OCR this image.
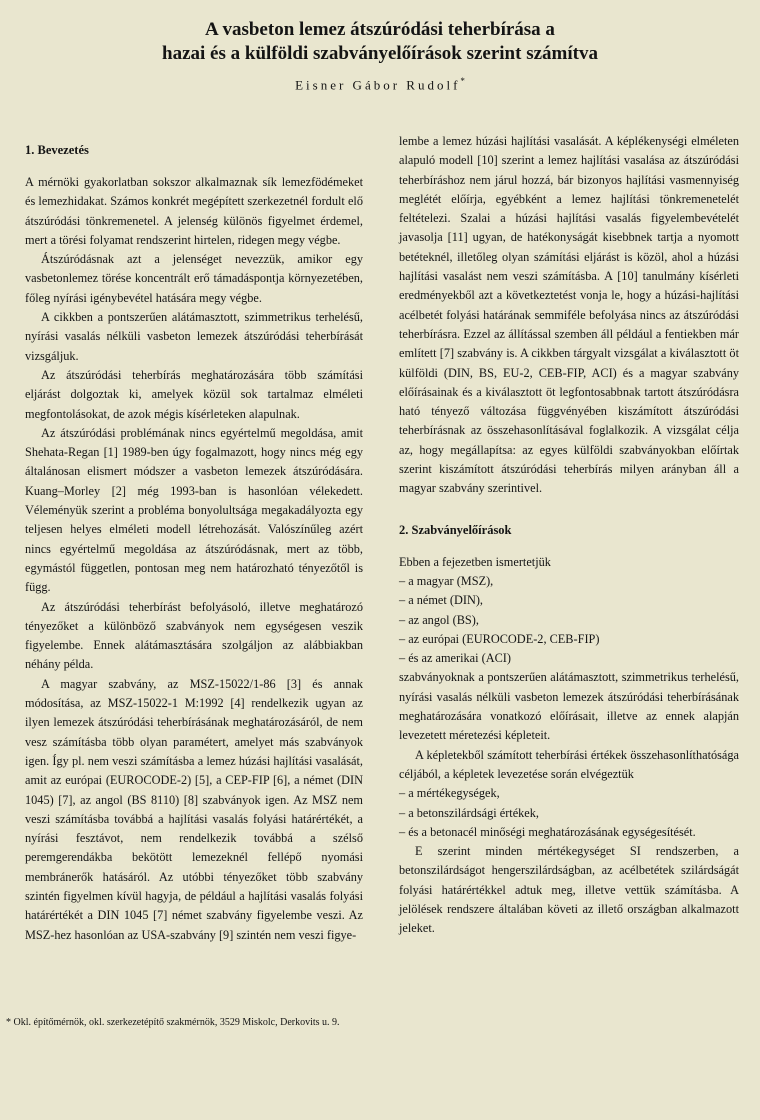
A vasbeton lemez átszúródási teherbírása a
hazai és a külföldi szabványelőírások szerint számítva
Eisner Gábor Rudolf*
1. Bevezetés

A mérnöki gyakorlatban sokszor alkalmaznak sík lemezfödémeket és lemezhidakat. Számos konkrét megépített szerkezetnél fordult elő átszúródási tönkremenetel. A jelenség különös figyelmet érdemel, mert a törési folyamat rendszerint hirtelen, ridegen megy végbe.

Átszúródásnak azt a jelenséget nevezzük, amikor egy vasbetonlemez törése koncentrált erő támadáspontja környezetében, főleg nyírási igénybevétel hatására megy végbe.

A cikkben a pontszerűen alátámasztott, szimmetrikus terhelésű, nyírási vasalás nélküli vasbeton lemezek átszúródási teherbírását vizsgáljuk.

Az átszúródási teherbírás meghatározására több számítási eljárást dolgoztak ki, amelyek közül sok tartalmaz elméleti megfontolásokat, de azok mégis kísérleteken alapulnak.

Az átszúródási problémának nincs egyértelmű megoldása, amit Shehata-Regan [1] 1989-ben úgy fogalmazott, hogy nincs még egy általánosan elismert módszer a vasbeton lemezek átszúródására. Kuang–Morley [2] még 1993-ban is hasonlóan vélekedett. Véleményük szerint a probléma bonyolultsága megakadályozta egy teljesen helyes elméleti modell létrehozását. Valószínűleg azért nincs egyértelmű megoldása az átszúródásnak, mert az több, egymástól független, pontosan meg nem határozható tényezőtől is függ.

Az átszúródási teherbírást befolyásoló, illetve meghatározó tényezőket a különböző szabványok nem egységesen veszik figyelembe. Ennek alátámasztására szolgáljon az alábbiakban néhány példa.

A magyar szabvány, az MSZ-15022/1-86 [3] és annak módosítása, az MSZ-15022-1 M:1992 [4] rendelkezik ugyan az ilyen lemezek átszúródási teherbírásának meghatározásáról, de nem vesz számításba több olyan paramétert, amelyet más szabványok igen. Így pl. nem veszi számításba a lemez húzási hajlítási vasalását, amit az európai (EUROCODE-2) [5], a CEP-FIP [6], a német (DIN 1045) [7], az angol (BS 8110) [8] szabványok igen. Az MSZ nem veszi számításba továbbá a hajlítási vasalás folyási határértékét, a nyírási fesztávot, nem rendelkezik továbbá a szélső peremgerendákba bekötött lemezeknél fellépő nyomási membránerők hatásáról. Az utóbbi tényezőket több szabvány szintén figyelmen kívül hagyja, de például a hajlítási vasalás folyási határértékét a DIN 1045 [7] német szabvány figyelembe veszi. Az MSZ-hez hasonlóan az USA-szabvány [9] szintén nem veszi figye-

lembe a lemez húzási hajlítási vasalását. A képlékenységi elméleten alapuló modell [10] szerint a lemez hajlítási vasalása az átszúródási teherbíráshoz nem járul hozzá, bár bizonyos hajlítási vasmennyiség meglétét előírja, egyébként a lemez hajlítási tönkremenetelét feltételezi. Szalai a húzási hajlítási vasalás figyelembevételét javasolja [11] ugyan, de hatékonyságát kisebbnek tartja a nyomott betéteknél, illetőleg olyan számítási eljárást is közöl, ahol a húzási hajlítási vasalást nem veszi számításba. A [10] tanulmány kísérleti eredményekből azt a következtetést vonja le, hogy a húzási-hajlítási acélbetét folyási határának semmiféle befolyása nincs az átszúródási teherbírásra. Ezzel az állítással szemben áll például a fentiekben már említett [7] szabvány is. A cikkben tárgyalt vizsgálat a kiválasztott öt külföldi (DIN, BS, EU-2, CEB-FIP, ACI) és a magyar szabvány előírásainak és a kiválasztott öt legfontosabbnak tartott átszúródásra ható tényező változása függvényében kiszámított átszúródási teherbírásnak az összehasonlításával foglalkozik. A vizsgálat célja az, hogy megállapítsa: az egyes külföldi szabványokban előírtak szerint kiszámított átszúródási teherbírás milyen arányban áll a magyar szabvány szerintivel.

2. Szabványelőírások

Ebben a fejezetben ismertetjük

– a magyar (MSZ),
– a német (DIN),
– az angol (BS),
– az európai (EUROCODE-2, CEB-FIP)
– és az amerikai (ACI)

szabványoknak a pontszerűen alátámasztott, szimmetrikus terhelésű, nyírási vasalás nélküli vasbeton lemezek átszúródási teherbírásának meghatározására vonatkozó előírásait, illetve az ennek alapján levezetett méretezési képleteit.

A képletekből számított teherbírási értékek összehasonlíthatósága céljából, a képletek levezetése során elvégeztük

– a mértékegységek,
– a betonszilárdsági értékek,
– és a betonacél minőségi meghatározásának egységesítését.

E szerint minden mértékegységet SI rendszerben, a betonszilárdságot hengerszilárdságban, az acélbetétek szilárdságát folyási határértékkel adtuk meg, illetve vettük számításba. A jelölések rendszere általában követi az illető országban alkalmazott jeleket.

* Okl. építőmérnök, okl. szerkezetépítő szakmérnök, 3529 Miskolc, Derkovits u. 9.
